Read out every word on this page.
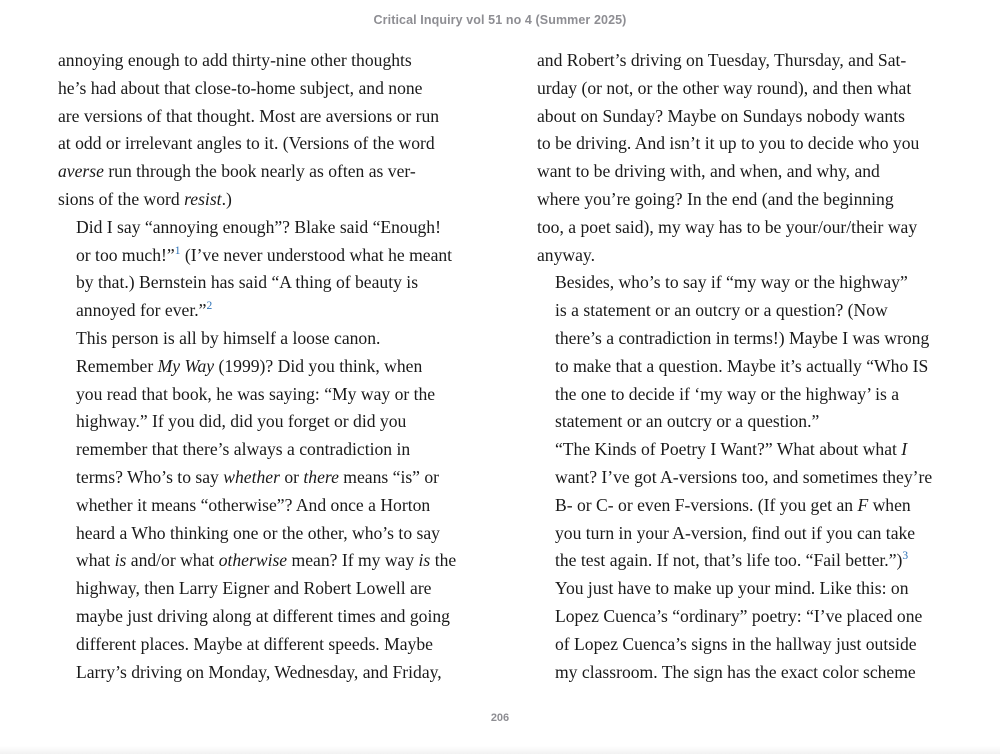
Critical Inquiry vol 51 no 4 (Summer 2025)

annoying enough to add thirty-nine other thoughts
he’s had about that close-to-home subject, and none
are versions of that thought. Most are aversions or run
at odd or irrelevant angles to it. (Versions of the word
averse run through the book nearly as often as ver-
sions of the word resist.)

Did I say “annoying enough”? Blake said “Enough!
or too much!”$^1$ (I’ve never understood what he meant
by that.) Bernstein has said “A thing of beauty is
annoyed for ever.”$^2$

This person is all by himself a loose canon.

Remember My Way (1999)? Did you think, when
you read that book, he was saying: “My way or the
highway.” If you did, did you forget or did you
remember that there’s always a contradiction in
terms? Who’s to say whether or there means “is” or
whether it means “otherwise”? And once a Horton
heard a Who thinking one or the other, who’s to say
what is and/or what otherwise mean? If my way is the
highway, then Larry Eigner and Robert Lowell are
maybe just driving along at different times and going
different places. Maybe at different speeds. Maybe
Larry’s driving on Monday, Wednesday, and Friday,

and Robert’s driving on Tuesday, Thursday, and Sat-
urday (or not, or the other way round), and then what
about on Sunday? Maybe on Sundays nobody wants
to be driving. And isn’t it up to you to decide who you
want to be driving with, and when, and why, and
where you’re going? In the end (and the beginning
too, a poet said), my way has to be your/our/their way
anyway.

Besides, who’s to say if “my way or the highway”
is a statement or an outcry or a question? (Now
there’s a contradiction in terms!) Maybe I was wrong
to make that a question. Maybe it’s actually “Who IS
the one to decide if ‘my way or the highway’ is a
statement or an outcry or a question.”

“The Kinds of Poetry I Want?” What about what I
want? I’ve got A-versions too, and sometimes they’re
B- or C- or even F-versions. (If you get an F when
you turn in your A-version, find out if you can take
the test again. If not, that’s life too. “Fail better.”)$^3$

You just have to make up your mind. Like this: on
Lopez Cuenca’s “ordinary” poetry: “I’ve placed one
of Lopez Cuenca’s signs in the hallway just outside
my classroom. The sign has the exact color scheme

206
